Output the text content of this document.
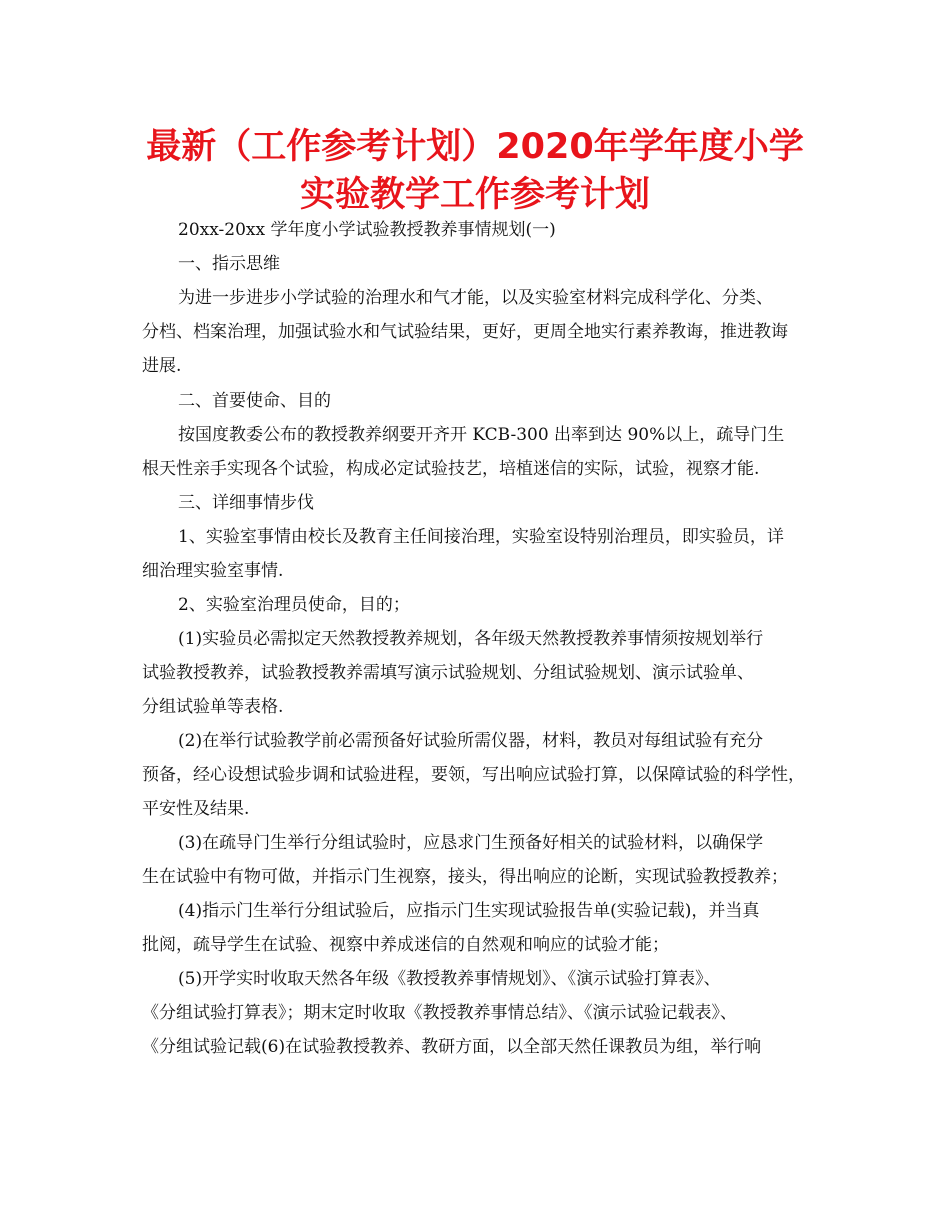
最新（工作参考计划）2020年学年度小学
实验教学工作参考计划
20xx-20xx 学年度小学试验教授教养事情规划(一)
一、指示思维
为进一步进步小学试验的治理水和气才能，以及实验室材料完成科学化、分类、
分档、档案治理，加强试验水和气试验结果，更好，更周全地实行素养教诲，推进教诲
进展.
二、首要使命、目的
按国度教委公布的教授教养纲要开齐开 KCB-300 出率到达 90%以上，疏导门生
根天性亲手实现各个试验，构成必定试验技艺，培植迷信的实际，试验，视察才能.
三、详细事情步伐
1、实验室事情由校长及教育主任间接治理，实验室设特别治理员，即实验员，详
细治理实验室事情.
2、实验室治理员使命，目的；
(1)实验员必需拟定天然教授教养规划，各年级天然教授教养事情须按规划举行
试验教授教养，试验教授教养需填写演示试验规划、分组试验规划、演示试验单、
分组试验单等表格.
(2)在举行试验教学前必需预备好试验所需仪器，材料，教员对每组试验有充分
预备，经心设想试验步调和试验进程，要领，写出响应试验打算，以保障试验的科学性，
平安性及结果.
(3)在疏导门生举行分组试验时，应恳求门生预备好相关的试验材料，以确保学
生在试验中有物可做，并指示门生视察，接头，得出响应的论断，实现试验教授教养；
(4)指示门生举行分组试验后，应指示门生实现试验报告单(实验记载)，并当真
批阅，疏导学生在试验、视察中养成迷信的自然观和响应的试验才能；
(5)开学实时收取天然各年级《教授教养事情规划》、《演示试验打算表》、
《分组试验打算表》；期末定时收取《教授教养事情总结》、《演示试验记载表》、
《分组试验记载(6)在试验教授教养、教研方面，以全部天然任课教员为组，举行响
